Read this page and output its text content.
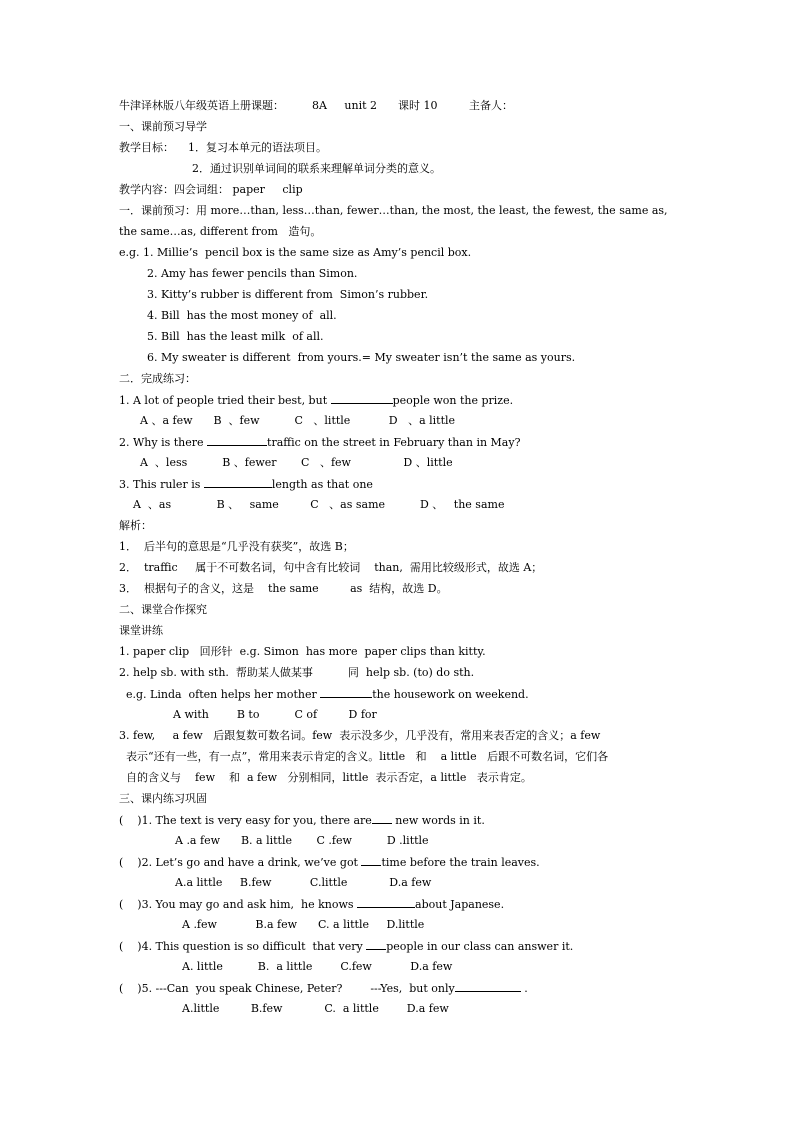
牛津译林版八年级英语上册课题：        8A     unit 2      课时 10         主备人：
一、课前预习导学
教学目标：    1．复习本单元的语法项目。
2．通过识别单词间的联系来理解单词分类的意义。
教学内容：四会词组： paper     clip
一．课前预习：用 more…than, less…than, fewer…than, the most, the least, the fewest, the same as,
the same…as, different from   造句。
e.g. 1. Millie’s  pencil box is the same size as Amy’s pencil box.
2. Amy has fewer pencils than Simon.
3. Kitty’s rubber is different from  Simon’s rubber.
4. Bill  has the most money of  all.
5. Bill  has the least milk  of all.
6. My sweater is different  from yours.= My sweater isn’t the same as yours.
二．完成练习：
1. A lot of people tried their best, but	people won the prize.
A 、a few      B  、few          C   、little           D   、a little
2. Why is there	traffic on the street in February than in May?
A  、less          B 、fewer       C   、few               D 、little
3. This ruler is	length as that one
A  、as             B 、   same         C   、as same          D 、   the same
解析：
1．  后半句的意思是“几乎没有获奖”，故选 B；
2．  traffic     属于不可数名词，句中含有比较词    than,  需用比较级形式，故选 A；
3．  根据句子的含义，这是    the same         as  结构，故选 D。
二、课堂合作探究
课堂讲练
1. paper clip   回形针  e.g. Simon  has more  paper clips than kitty.
2. help sb. with sth.  帮助某人做某事          同  help sb. (to) do sth.
e.g. Linda  often helps her mother	the housework on weekend.
A with        B to          C of         D for
3. few,     a few   后跟复数可数名词。few  表示没多少，几乎没有，常用来表否定的含义；a few
表示“还有一些，有一点”，常用来表示肯定的含义。little   和    a little   后跟不可数名词，它们各
自的含义与    few    和  a few   分别相同，little  表示否定，a little   表示肯定。
三、课内练习巩固
(    )1. The text is very easy for you, there are new words in it.
A .a few      B. a little       C .few          D .little
(    )2. Let’s go and have a drink, we’ve got time before the train leaves.
A.a little     B.few           C.little            D.a few
(    )3. You may go and ask him,  he knows	about Japanese.
A .few           B.a few      C. a little     D.little
(    )4. This question is so difficult  that very people in our class can answer it.
A. little          B.  a little        C.few           D.a few
(    )5. ---Can  you speak Chinese, Peter?        ---Yes,  but only	.
A.little         B.few            C.  a little        D.a few
